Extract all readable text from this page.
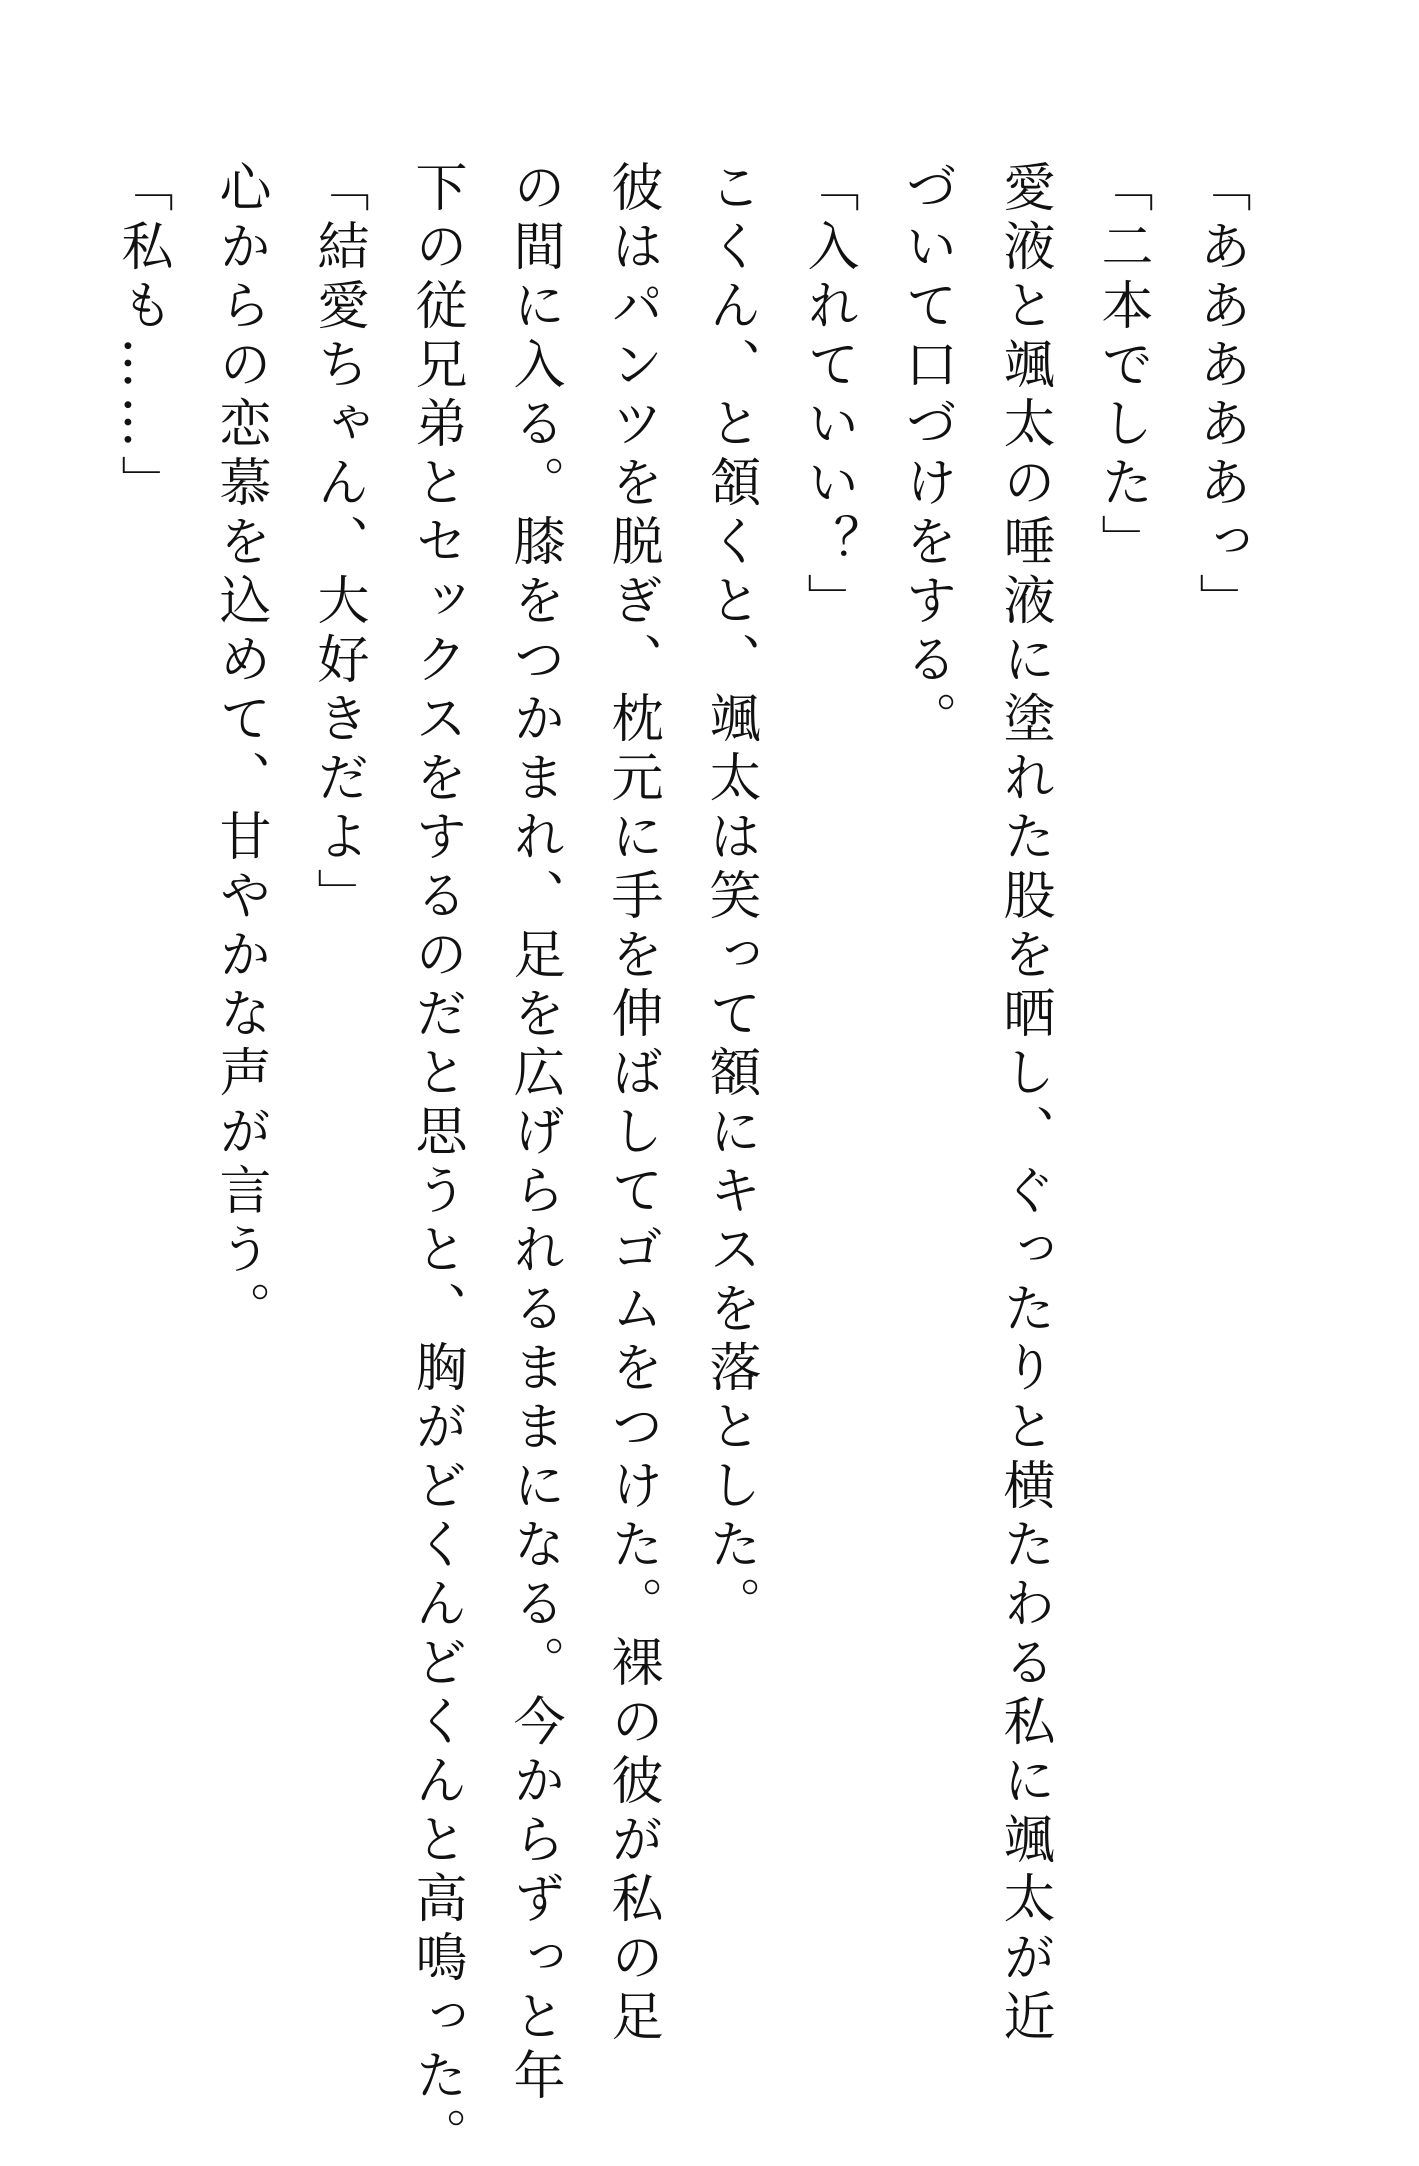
「あああああっ」
「二本でした」
愛液と颯太の唾液に塗れた股を晒し、ぐったりと横たわる私に颯太が近
づいて口づけをする。
「入れていい？」
こくん、と頷くと、颯太は笑って額にキスを落とした。
彼はパンツを脱ぎ、枕元に手を伸ばしてゴムをつけた。裸の彼が私の足
の間に入る。膝をつかまれ、足を広げられるままになる。今からずっと年
下の従兄弟とセックスをするのだと思うと、胸がどくんどくんと高鳴った。
「結愛ちゃん、大好きだよ」
心からの恋慕を込めて、甘やかな声が言う。
「私も……」
